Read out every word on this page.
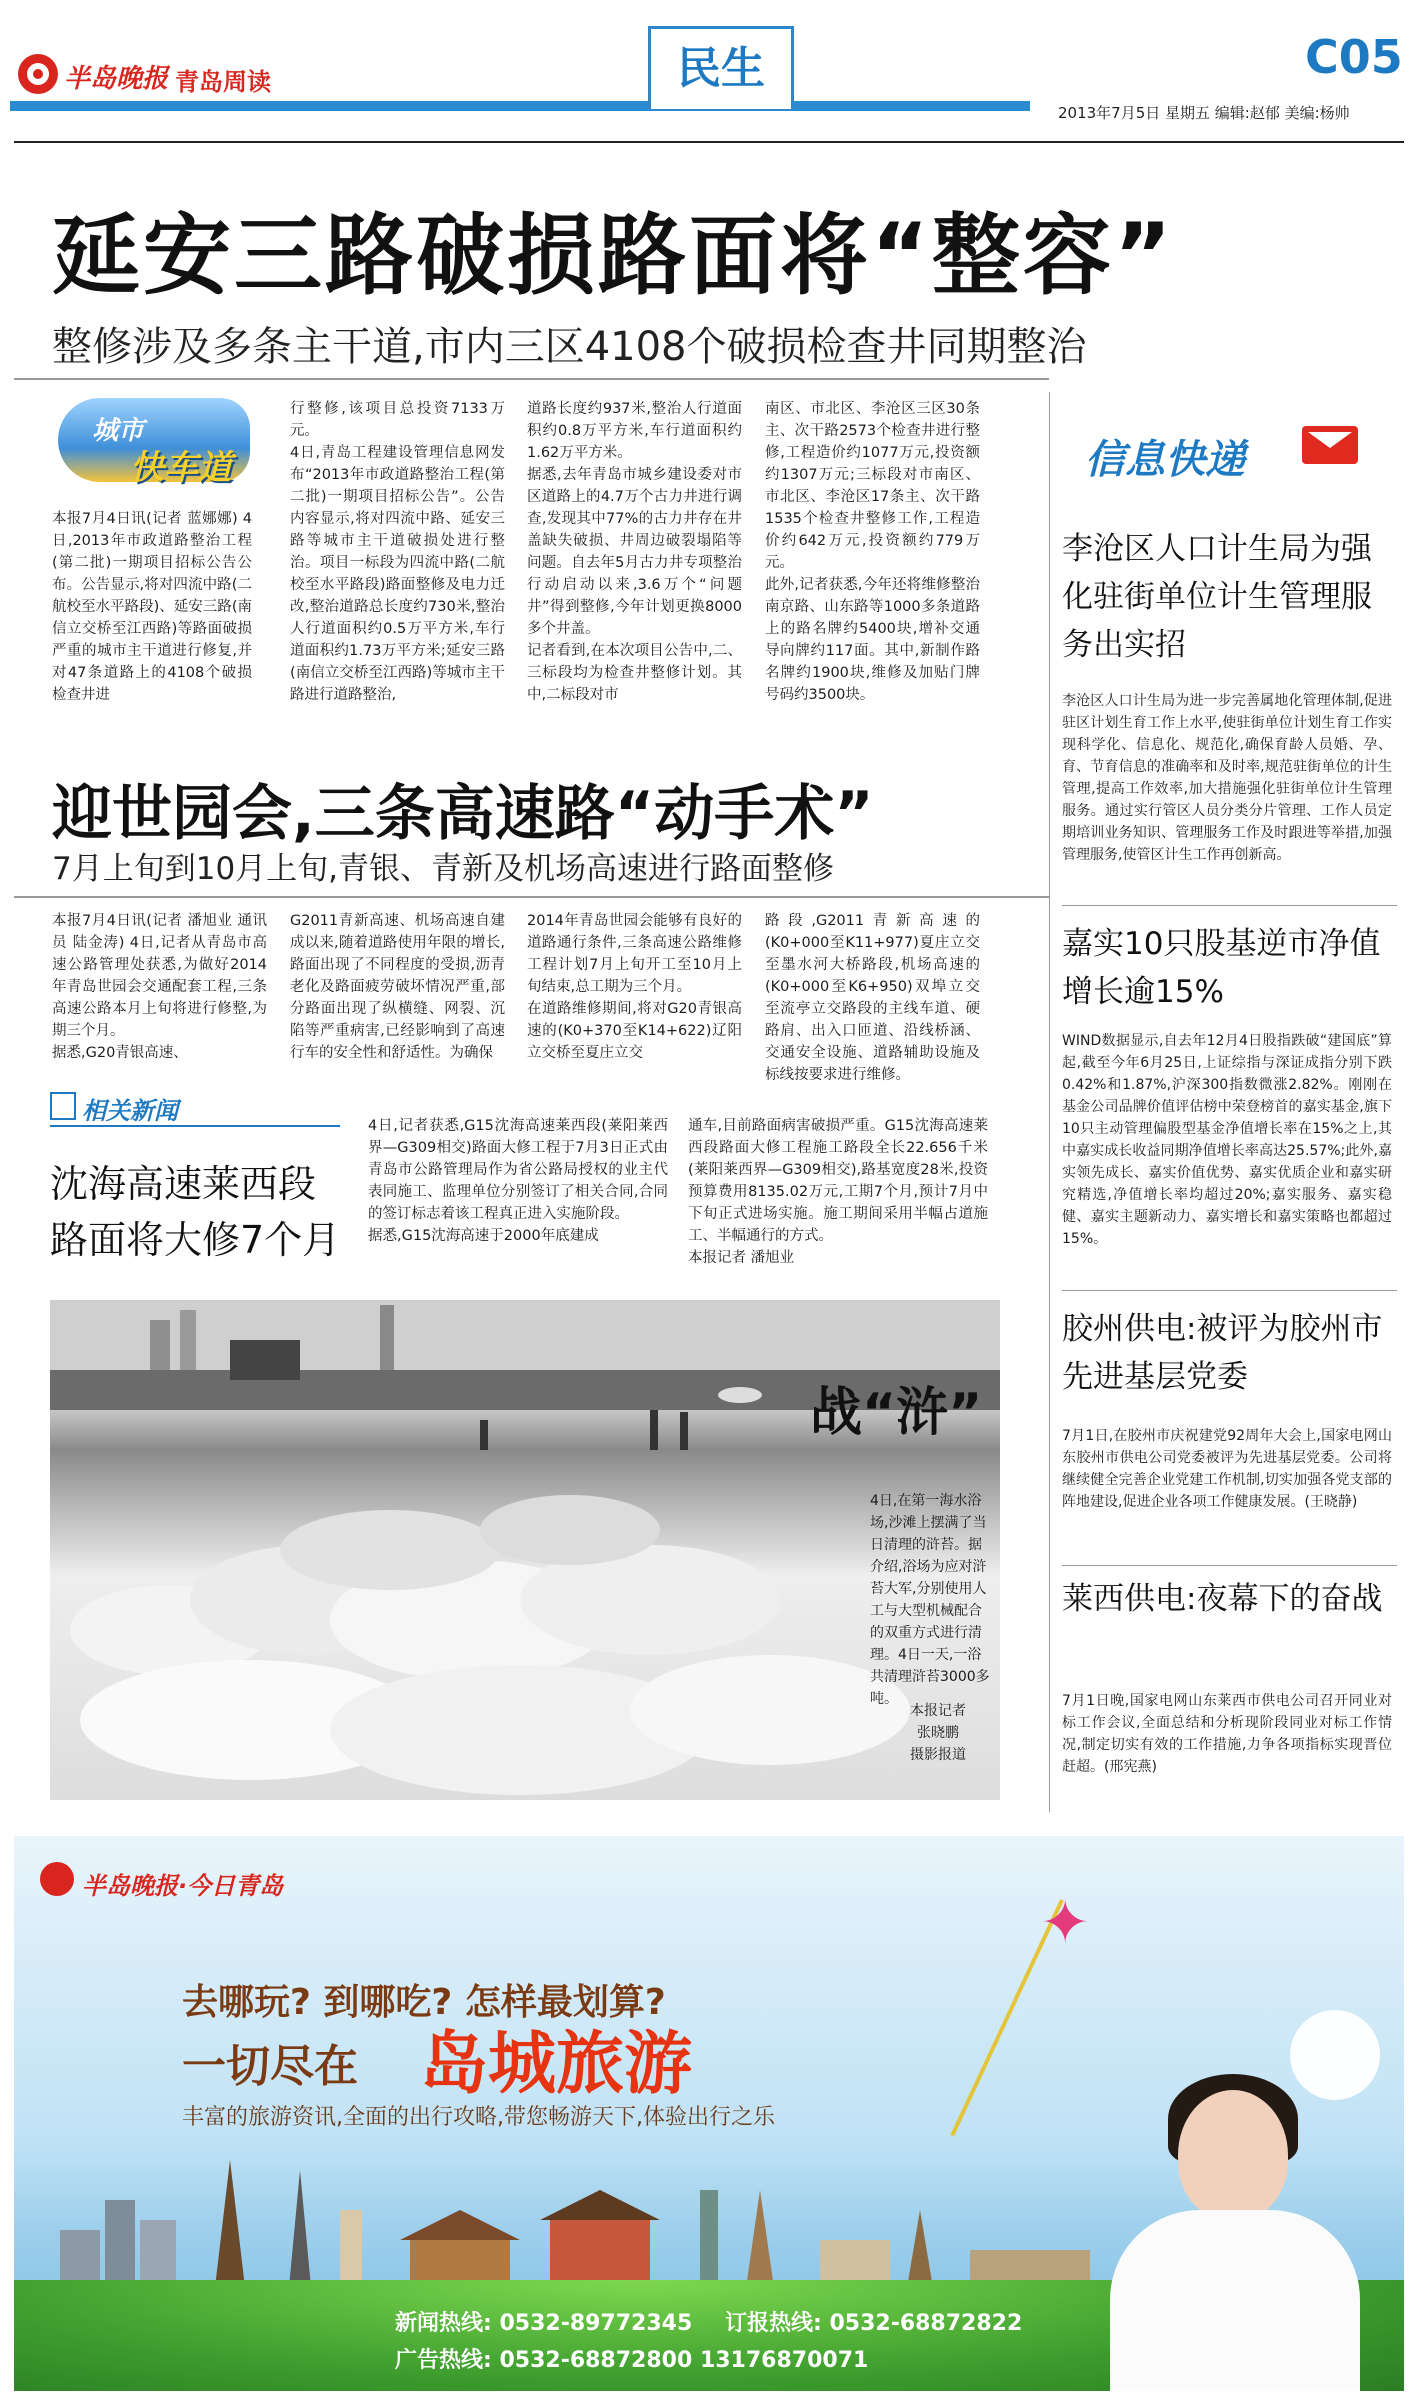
半岛晚报 青岛周读	民生	C05
2013年7月5日 星期五 编辑:赵郁 美编:杨帅
延安三路破损路面将“整容”
整修涉及多条主干道,市内三区4108个破损检查井同期整治
城市
快车道
本报7月4日讯(记者 蓝娜娜) 4日,2013年市政道路整治工程(第二批)一期项目招标公告公布。公告显示,将对四流中路(二航校至水平路段)、延安三路(南信立交桥至江西路)等路面破损严重的城市主干道进行修复,并对47条道路上的4108个破损检查井进
行整修,该项目总投资7133万元。
4日,青岛工程建设管理信息网发布“2013年市政道路整治工程(第二批)一期项目招标公告”。公告内容显示,将对四流中路、延安三路等城市主干道破损处进行整治。项目一标段为四流中路(二航校至水平路段)路面整修及电力迁改,整治道路总长度约730米,整治人行道面积约0.5万平方米,车行道面积约1.73万平方米;延安三路(南信立交桥至江西路)等城市主干路进行道路整治,
道路长度约937米,整治人行道面积约0.8万平方米,车行道面积约1.62万平方米。
据悉,去年青岛市城乡建设委对市区道路上的4.7万个古力井进行调查,发现其中77%的古力井存在井盖缺失破损、井周边破裂塌陷等问题。自去年5月古力井专项整治行动启动以来,3.6万个“问题井”得到整修,今年计划更换8000多个井盖。
记者看到,在本次项目公告中,二、三标段均为检查井整修计划。其中,二标段对市
南区、市北区、李沧区三区30条主、次干路2573个检查井进行整修,工程造价约1077万元,投资额约1307万元;三标段对市南区、市北区、李沧区17条主、次干路1535个检查井整修工作,工程造价约642万元,投资额约779万元。
此外,记者获悉,今年还将维修整治南京路、山东路等1000多条道路上的路名牌约5400块,增补交通导向牌约117面。其中,新制作路名牌约1900块,维修及加贴门牌号码约3500块。
迎世园会,三条高速路“动手术”
7月上旬到10月上旬,青银、青新及机场高速进行路面整修
本报7月4日讯(记者 潘旭业 通讯员 陆金涛) 4日,记者从青岛市高速公路管理处获悉,为做好2014年青岛世园会交通配套工程,三条高速公路本月上旬将进行修整,为期三个月。
据悉,G20青银高速、
G2011青新高速、机场高速自建成以来,随着道路使用年限的增长,路面出现了不同程度的受损,沥青老化及路面疲劳破坏情况严重,部分路面出现了纵横缝、网裂、沉陷等严重病害,已经影响到了高速行车的安全性和舒适性。为确保
2014年青岛世园会能够有良好的道路通行条件,三条高速公路维修工程计划7月上旬开工至10月上旬结束,总工期为三个月。
在道路维修期间,将对G20青银高速的(K0+370至K14+622)辽阳立交桥至夏庄立交
路段,G2011青新高速的(K0+000至K11+977)夏庄立交至墨水河大桥路段,机场高速的(K0+000至K6+950)双埠立交至流亭立交路段的主线车道、硬路肩、出入口匝道、沿线桥涵、交通安全设施、道路辅助设施及标线按要求进行维修。
相关新闻
沈海高速莱西段路面将大修7个月
4日,记者获悉,G15沈海高速莱西段(莱阳莱西界—G309相交)路面大修工程于7月3日正式由青岛市公路管理局作为省公路局授权的业主代表同施工、监理单位分别签订了相关合同,合同的签订标志着该工程真正进入实施阶段。
据悉,G15沈海高速于2000年底建成
通车,目前路面病害破损严重。G15沈海高速莱西段路面大修工程施工路段全长22.656千米(莱阳莱西界—G309相交),路基宽度28米,投资预算费用8135.02万元,工期7个月,预计7月中下旬正式进场实施。施工期间采用半幅占道施工、半幅通行的方式。
本报记者 潘旭业
战“浒”
4日,在第一海水浴场,沙滩上摆满了当日清理的浒苔。据介绍,浴场为应对浒苔大军,分别使用人工与大型机械配合的双重方式进行清理。4日一天,一浴共清理浒苔3000多吨。
本报记者
张晓鹏
摄影报道
信息快递
李沧区人口计生局为强化驻街单位计生管理服务出实招
李沧区人口计生局为进一步完善属地化管理体制,促进驻区计划生育工作上水平,使驻街单位计划生育工作实现科学化、信息化、规范化,确保育龄人员婚、孕、育、节育信息的准确率和及时率,规范驻街单位的计生管理,提高工作效率,加大措施强化驻街单位计生管理服务。通过实行管区人员分类分片管理、工作人员定期培训业务知识、管理服务工作及时跟进等举措,加强管理服务,使管区计生工作再创新高。
嘉实10只股基逆市净值增长逾15%
WIND数据显示,自去年12月4日股指跌破“建国底”算起,截至今年6月25日,上证综指与深证成指分别下跌0.42%和1.87%,沪深300指数微涨2.82%。刚刚在基金公司品牌价值评估榜中荣登榜首的嘉实基金,旗下10只主动管理偏股型基金净值增长率在15%之上,其中嘉实成长收益同期净值增长率高达25.57%;此外,嘉实领先成长、嘉实价值优势、嘉实优质企业和嘉实研究精选,净值增长率均超过20%;嘉实服务、嘉实稳健、嘉实主题新动力、嘉实增长和嘉实策略也都超过15%。
胶州供电:被评为胶州市先进基层党委
7月1日,在胶州市庆祝建党92周年大会上,国家电网山东胶州市供电公司党委被评为先进基层党委。公司将继续健全完善企业党建工作机制,切实加强各党支部的阵地建设,促进企业各项工作健康发展。(王晓静)
莱西供电:夜幕下的奋战
7月1日晚,国家电网山东莱西市供电公司召开同业对标工作会议,全面总结和分析现阶段同业对标工作情况,制定切实有效的工作措施,力争各项指标实现晋位赶超。(邢宪燕)
半岛晚报·今日青岛
去哪玩? 到哪吃? 怎样最划算?
一切尽在 岛城旅游
丰富的旅游资讯,全面的出行攻略,带您畅游天下,体验出行之乐
新闻热线: 0532-89772345 订报热线: 0532-68872822
广告热线: 0532-68872800 13176870071
✦
